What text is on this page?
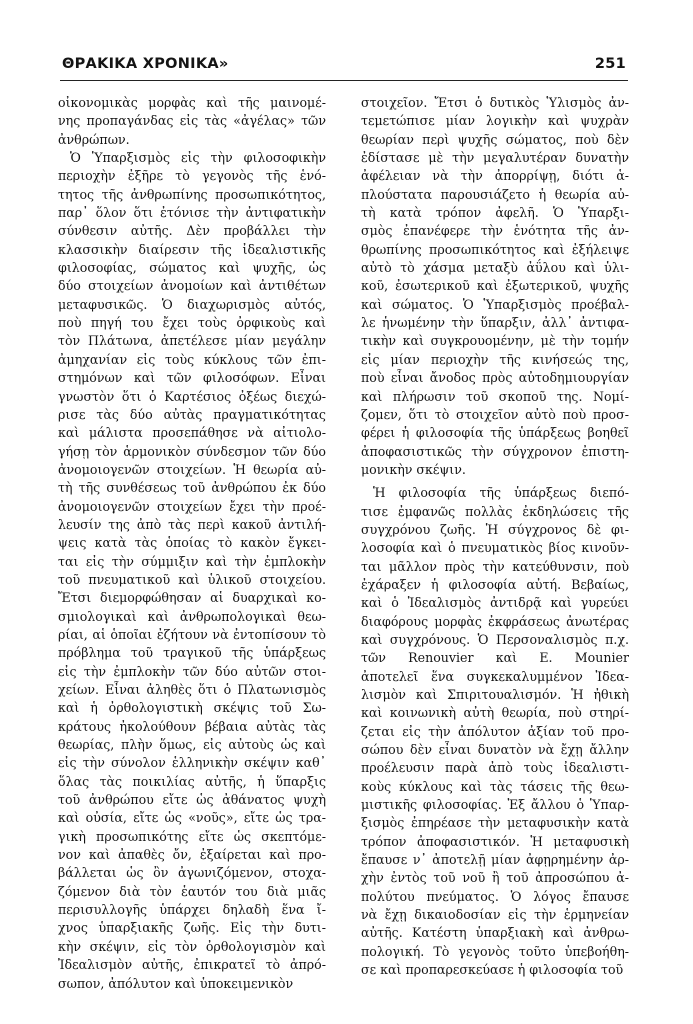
ΘΡΑΚΙΚΑ ΧΡΟΝΙΚΑ»	251
οἰκονομικὰς μορφὰς καὶ τῆς μαινομέ-
νης προπαγάνδας εἰς τὰς «ἀγέλας» τῶν
ἀνθρώπων.
Ὁ Ὑπαρξισμὸς εἰς τὴν φιλοσοφικὴν
περιοχὴν ἐξῆρε τὸ γεγονὸς τῆς ἑνό-
τητος τῆς ἀνθρωπίνης προσωπικότητος,
παρ᾽ ὅλον ὅτι ἐτόνισε τὴν ἀντιφατικὴν
σύνθεσιν αὐτῆς. Δὲν προβάλλει τὴν
κλασσικὴν διαίρεσιν τῆς ἰδεαλιστικῆς
φιλοσοφίας, σώματος καὶ ψυχῆς, ὡς
δύο στοιχείων ἀνομοίων καὶ ἀντιθέτων
μεταφυσικῶς. Ὁ διαχωρισμὸς αὐτός,
ποὺ πηγή του ἔχει τοὺς ὀρφικοὺς καὶ
τὸν Πλάτωνα, ἀπετέλεσε μίαν μεγάλην
ἀμηχανίαν εἰς τοὺς κύκλους τῶν ἐπι-
στημόνων καὶ τῶν φιλοσόφων. Εἶναι
γνωστὸν ὅτι ὁ Καρτέσιος ὀξέως διεχώ-
ρισε τὰς δύο αὐτὰς πραγματικότητας
καὶ μάλιστα προσεπάθησε νὰ αἰτιολο-
γήσῃ τὸν ἁρμονικὸν σύνδεσμον τῶν δύο
ἀνομοιογενῶν στοιχείων. Ἡ θεωρία αὐ-
τὴ τῆς συνθέσεως τοῦ ἀνθρώπου ἐκ δύο
ἀνομοιογενῶν στοιχείων ἔχει τὴν προέ-
λευσίν της ἀπὸ τὰς περὶ κακοῦ ἀντιλή-
ψεις κατὰ τὰς ὁποίας τὸ κακὸν ἔγκει-
ται εἰς τὴν σύμμιξιν καὶ τὴν ἐμπλοκὴν
τοῦ πνευματικοῦ καὶ ὑλικοῦ στοιχείου.
Ἔτσι διεμορφώθησαν αἱ δυαρχικαὶ κο-
σμιολογικαὶ καὶ ἀνθρωπολογικαὶ θεω-
ρίαι, αἱ ὁποῖαι ἐζήτουν νὰ ἐντοπίσουν τὸ
πρόβλημα τοῦ τραγικοῦ τῆς ὑπάρξεως
εἰς τὴν ἐμπλοκὴν τῶν δύο αὐτῶν στοι-
χείων. Εἶναι ἀληθὲς ὅτι ὁ Πλατωνισμὸς
καὶ ἡ ὀρθολογιστικὴ σκέψις τοῦ Σω-
κράτους ἠκολούθουν βέβαια αὐτὰς τὰς
θεωρίας, πλὴν ὅμως, εἰς αὐτοὺς ὡς καὶ
εἰς τὴν σύνολον ἑλληνικὴν σκέψιν καθ᾽
ὅλας τὰς ποικιλίας αὐτῆς, ἡ ὕπαρξις
τοῦ ἀνθρώπου εἴτε ὡς ἀθάνατος ψυχὴ
καὶ οὐσία, εἴτε ὡς «νοῦς», εἴτε ὡς τρα-
γικὴ προσωπικότης εἴτε ὡς σκεπτόμε-
νον καὶ ἀπαθὲς ὄν, ἐξαίρεται καὶ προ-
βάλλεται ὡς ὂν ἀγωνιζόμενον, στοχα-
ζόμενον διὰ τὸν ἑαυτόν του διὰ μιᾶς
περισυλλογῆς ὑπάρχει δηλαδὴ ἕνα ἴ-
χνος ὑπαρξιακῆς ζωῆς. Εἰς τὴν δυτι-
κὴν σκέψιν, εἰς τὸν ὀρθολογισμὸν καὶ
Ἰδεαλισμὸν αὐτῆς, ἐπικρατεῖ τὸ ἀπρό-
σωπον, ἀπόλυτον καὶ ὑποκειμενικὸν
στοιχεῖον. Ἔτσι ὁ δυτικὸς Ὑλισμὸς ἀν-
τεμετώπισε μίαν λογικὴν καὶ ψυχρὰν
θεωρίαν περὶ ψυχῆς σώματος, ποὺ δὲν
ἐδίστασε μὲ τὴν μεγαλυτέραν δυνατὴν
ἀφέλειαν νὰ τὴν ἀπορρίψῃ, διότι ἁ-
πλούστατα παρουσιάζετο ἡ θεωρία αὐ-
τὴ κατὰ τρόπον ἀφελῆ. Ὁ Ὑπαρξι-
σμὸς ἐπανέφερε τὴν ἑνότητα τῆς ἀν-
θρωπίνης προσωπικότητος καὶ ἐξήλειψε
αὐτὸ τὸ χάσμα μεταξὺ ἀΰλου καὶ ὑλι-
κοῦ, ἐσωτερικοῦ καὶ ἐξωτερικοῦ, ψυχῆς
καὶ σώματος. Ὁ Ὑπαρξισμὸς προέβαλ-
λε ἡνωμένην τὴν ὕπαρξιν, ἀλλ᾽ ἀντιφα-
τικὴν καὶ συγκρουομένην, μὲ τὴν τομήν
εἰς μίαν περιοχὴν τῆς κινήσεώς της,
ποὺ εἶναι ἄνοδος πρὸς αὐτοδημιουργίαν
καὶ πλήρωσιν τοῦ σκοποῦ της. Νομί-
ζομεν, ὅτι τὸ στοιχεῖον αὐτὸ ποὺ προσ-
φέρει ἡ φιλοσοφία τῆς ὑπάρξεως βοηθεῖ
ἀποφασιστικῶς τὴν σύγχρονον ἐπιστη-
μονικὴν σκέψιν.
Ἡ φιλοσοφία τῆς ὑπάρξεως διεπό-
τισε ἐμφανῶς πολλὰς ἐκδηλώσεις τῆς
συγχρόνου ζωῆς. Ἡ σύγχρονος δὲ φι-
λοσοφία καὶ ὁ πνευματικὸς βίος κινοῦν-
ται μᾶλλον πρὸς τὴν κατεύθυνσιν, ποὺ
ἐχάραξεν ἡ φιλοσοφία αὐτή. Βεβαίως,
καὶ ὁ Ἰδεαλισμὸς ἀντιδρᾷ καὶ γυρεύει
διαφόρους μορφὰς ἐκφράσεως ἀνωτέρας
καὶ συγχρόνους. Ὁ Περσοναλισμὸς π.χ.
τῶν Renouvier καὶ E. Mounier
ἀποτελεῖ ἕνα συγκεκαλυμμένον Ἰδεα-
λισμὸν καὶ Σπιριτουαλισμόν. Ἡ ἠθικὴ
καὶ κοινωνικὴ αὐτὴ θεωρία, ποὺ στηρί-
ζεται εἰς τὴν ἀπόλυτον ἀξίαν τοῦ προ-
σώπου δὲν εἶναι δυνατὸν νὰ ἔχῃ ἄλλην
προέλευσιν παρὰ ἀπὸ τοὺς ἰδεαλιστι-
κοὺς κύκλους καὶ τὰς τάσεις τῆς θεω-
μιστικῆς φιλοσοφίας. Ἐξ ἄλλου ὁ Ὑπαρ-
ξισμὸς ἐπηρέασε τὴν μεταφυσικὴν κατὰ
τρόπον ἀποφασιστικόν. Ἡ μεταφυσικὴ
ἔπαυσε ν᾽ ἀποτελῇ μίαν ἀφῃρημένην ἀρ-
χὴν ἐντὸς τοῦ νοῦ ἢ τοῦ ἀπροσώπου ἀ-
πολύτου πνεύματος. Ὁ λόγος ἔπαυσε
νὰ ἔχῃ δικαιοδοσίαν εἰς τὴν ἑρμηνείαν
αὐτῆς. Κατέστη ὑπαρξιακὴ καὶ ἀνθρω-
πολογική. Τὸ γεγονὸς τοῦτο ὑπεβοήθη-
σε καὶ προπαρεσκεύασε ἡ φιλοσοφία τοῦ
